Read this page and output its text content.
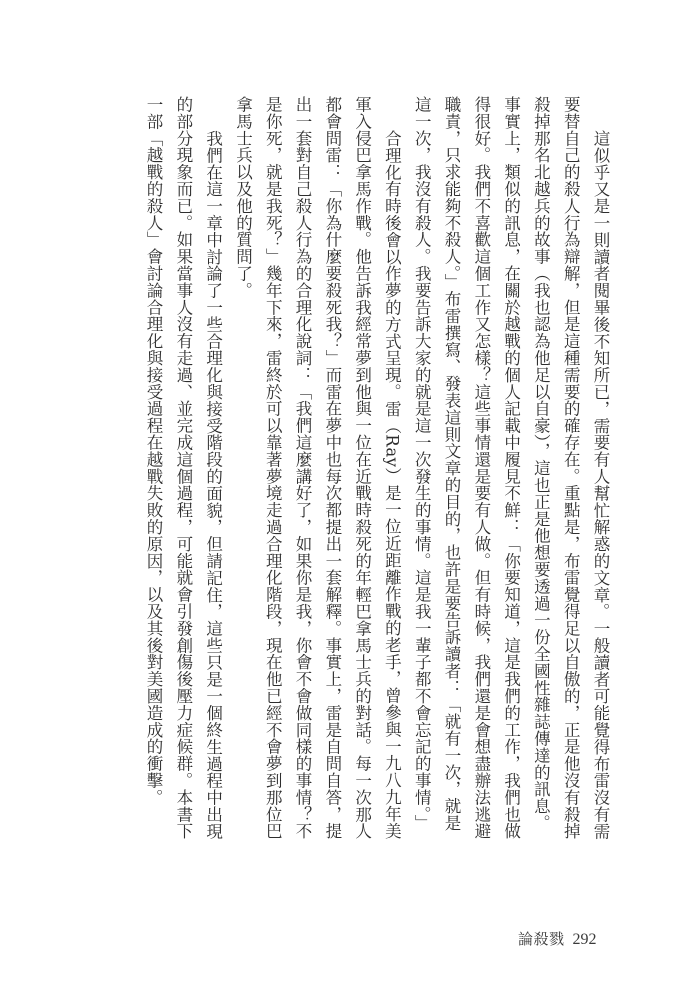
這似乎又是一則讀者閱畢後不知所已，需要有人幫忙解惑的文章。一般讀者可能覺得布雷沒有需
要替自己的殺人行為辯解，但是這種需要的確存在。重點是，布雷覺得足以自傲的，正是他沒有殺掉
殺掉那名北越兵的故事（我也認為他足以自豪），這也正是他想要透過一份全國性雜誌傳達的訊息。
事實上，類似的訊息，在關於越戰的個人記載中履見不鮮：「你要知道，這是我們的工作，我們也做
得很好。我們不喜歡這個工作又怎樣？這些事情還是要有人做。但有時候，我們還是會想盡辦法逃避
職責，只求能夠不殺人。」布雷撰寫、發表這則文章的目的，也許是要告訴讀者：「就有一次，就是
這一次，我沒有殺人。我要告訴大家的就是這一次發生的事情。這是我一輩子都不會忘記的事情。」
合理化有時後會以作夢的方式呈現。雷（Ray）是一位近距離作戰的老手，曾參與一九八九年美
軍入侵巴拿馬作戰。他告訴我經常夢到他與一位在近戰時殺死的年輕巴拿馬士兵的對話。每一次那人
都會問雷：「你為什麼要殺死我？」而雷在夢中也每次都提出一套解釋。事實上，雷是自問自答，提
出一套對自己殺人行為的合理化說詞：「我們這麼講好了，如果你是我，你會不會做同樣的事情？不
是你死，就是我死？」幾年下來，雷終於可以靠著夢境走過合理化階段，現在他已經不會夢到那位巴
拿馬士兵以及他的質問了。
我們在這一章中討論了一些合理化與接受階段的面貌，但請記住，這些只是一個終生過程中出現
的部分現象而已。如果當事人沒有走過、並完成這個過程，可能就會引發創傷後壓力症候群。本書下
一部「越戰的殺人」會討論合理化與接受過程在越戰失敗的原因，以及其後對美國造成的衝擊。
論殺戮 292
